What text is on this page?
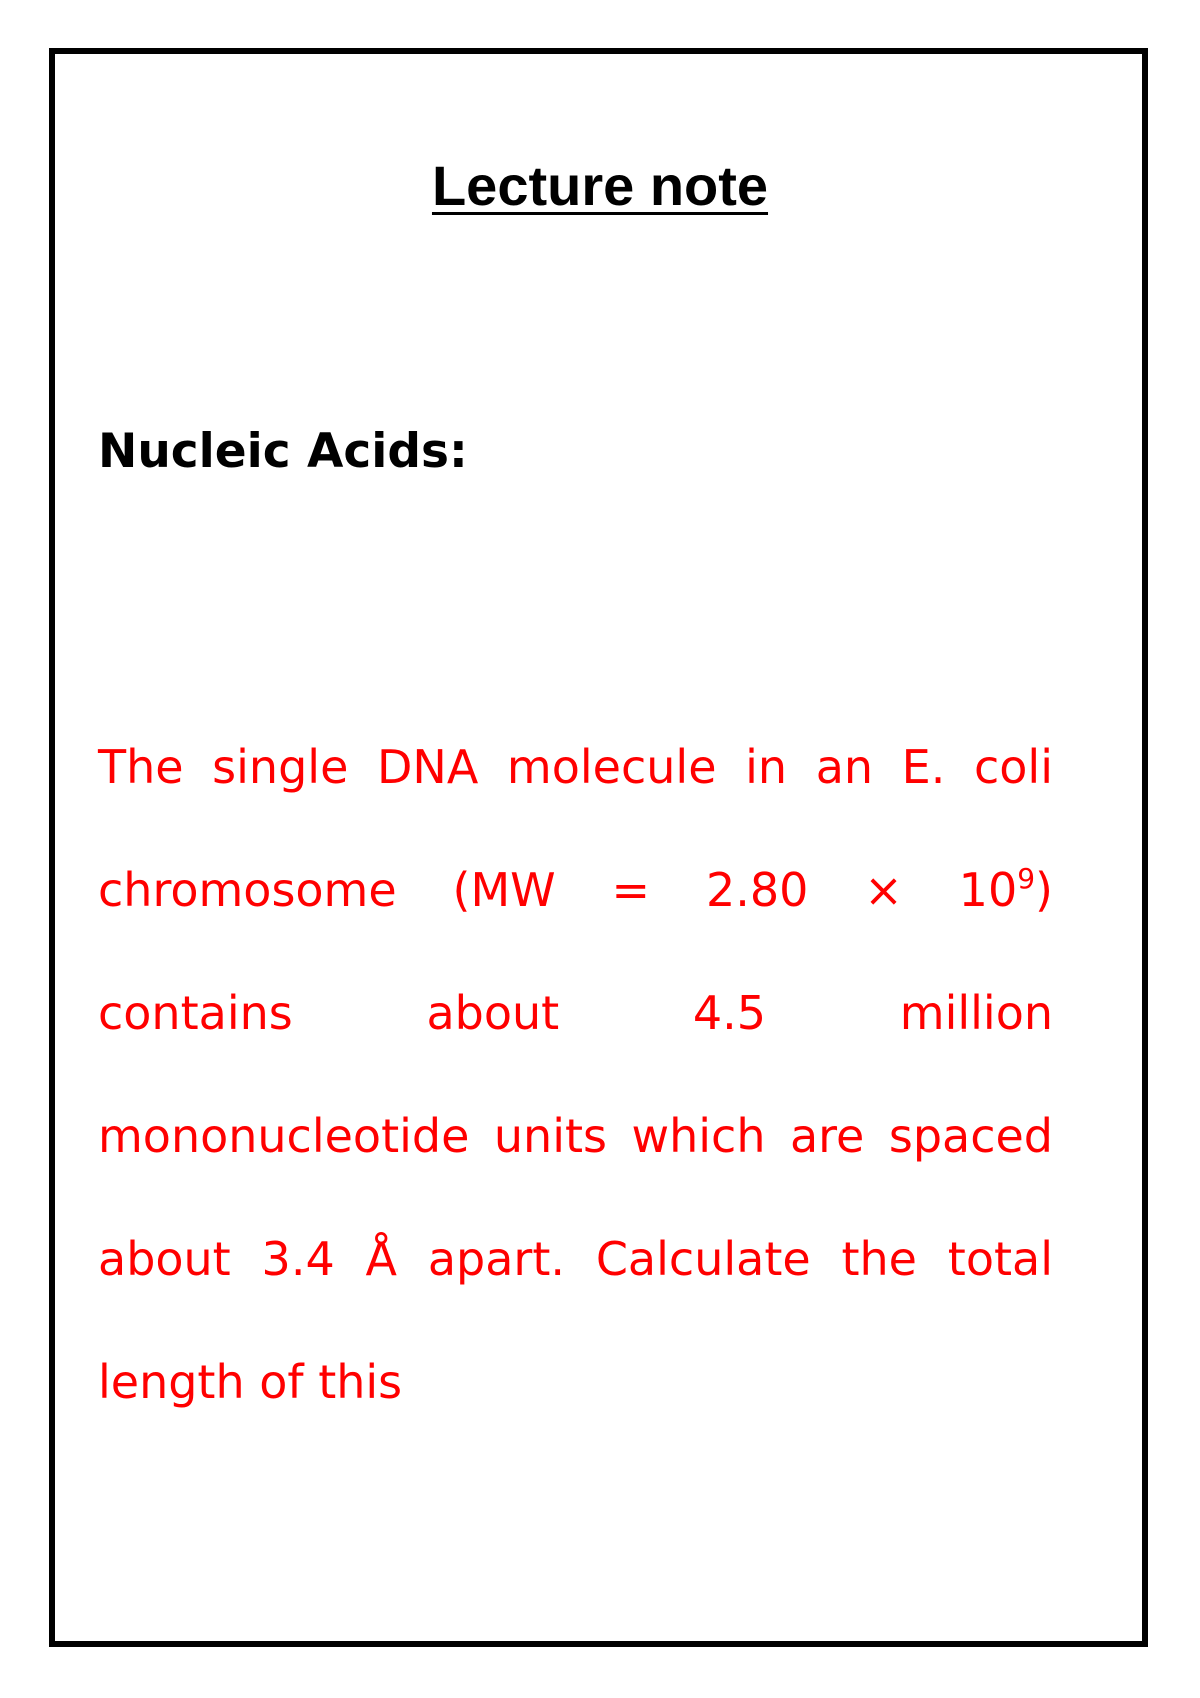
Lecture note
Nucleic Acids:

The single DNA molecule in an E. coli chromosome $(MW = 2.80 \times 10^9)$ contains about 4.5 million mononucleotide units which are spaced about 3.4 Å apart. Calculate the total length of this
